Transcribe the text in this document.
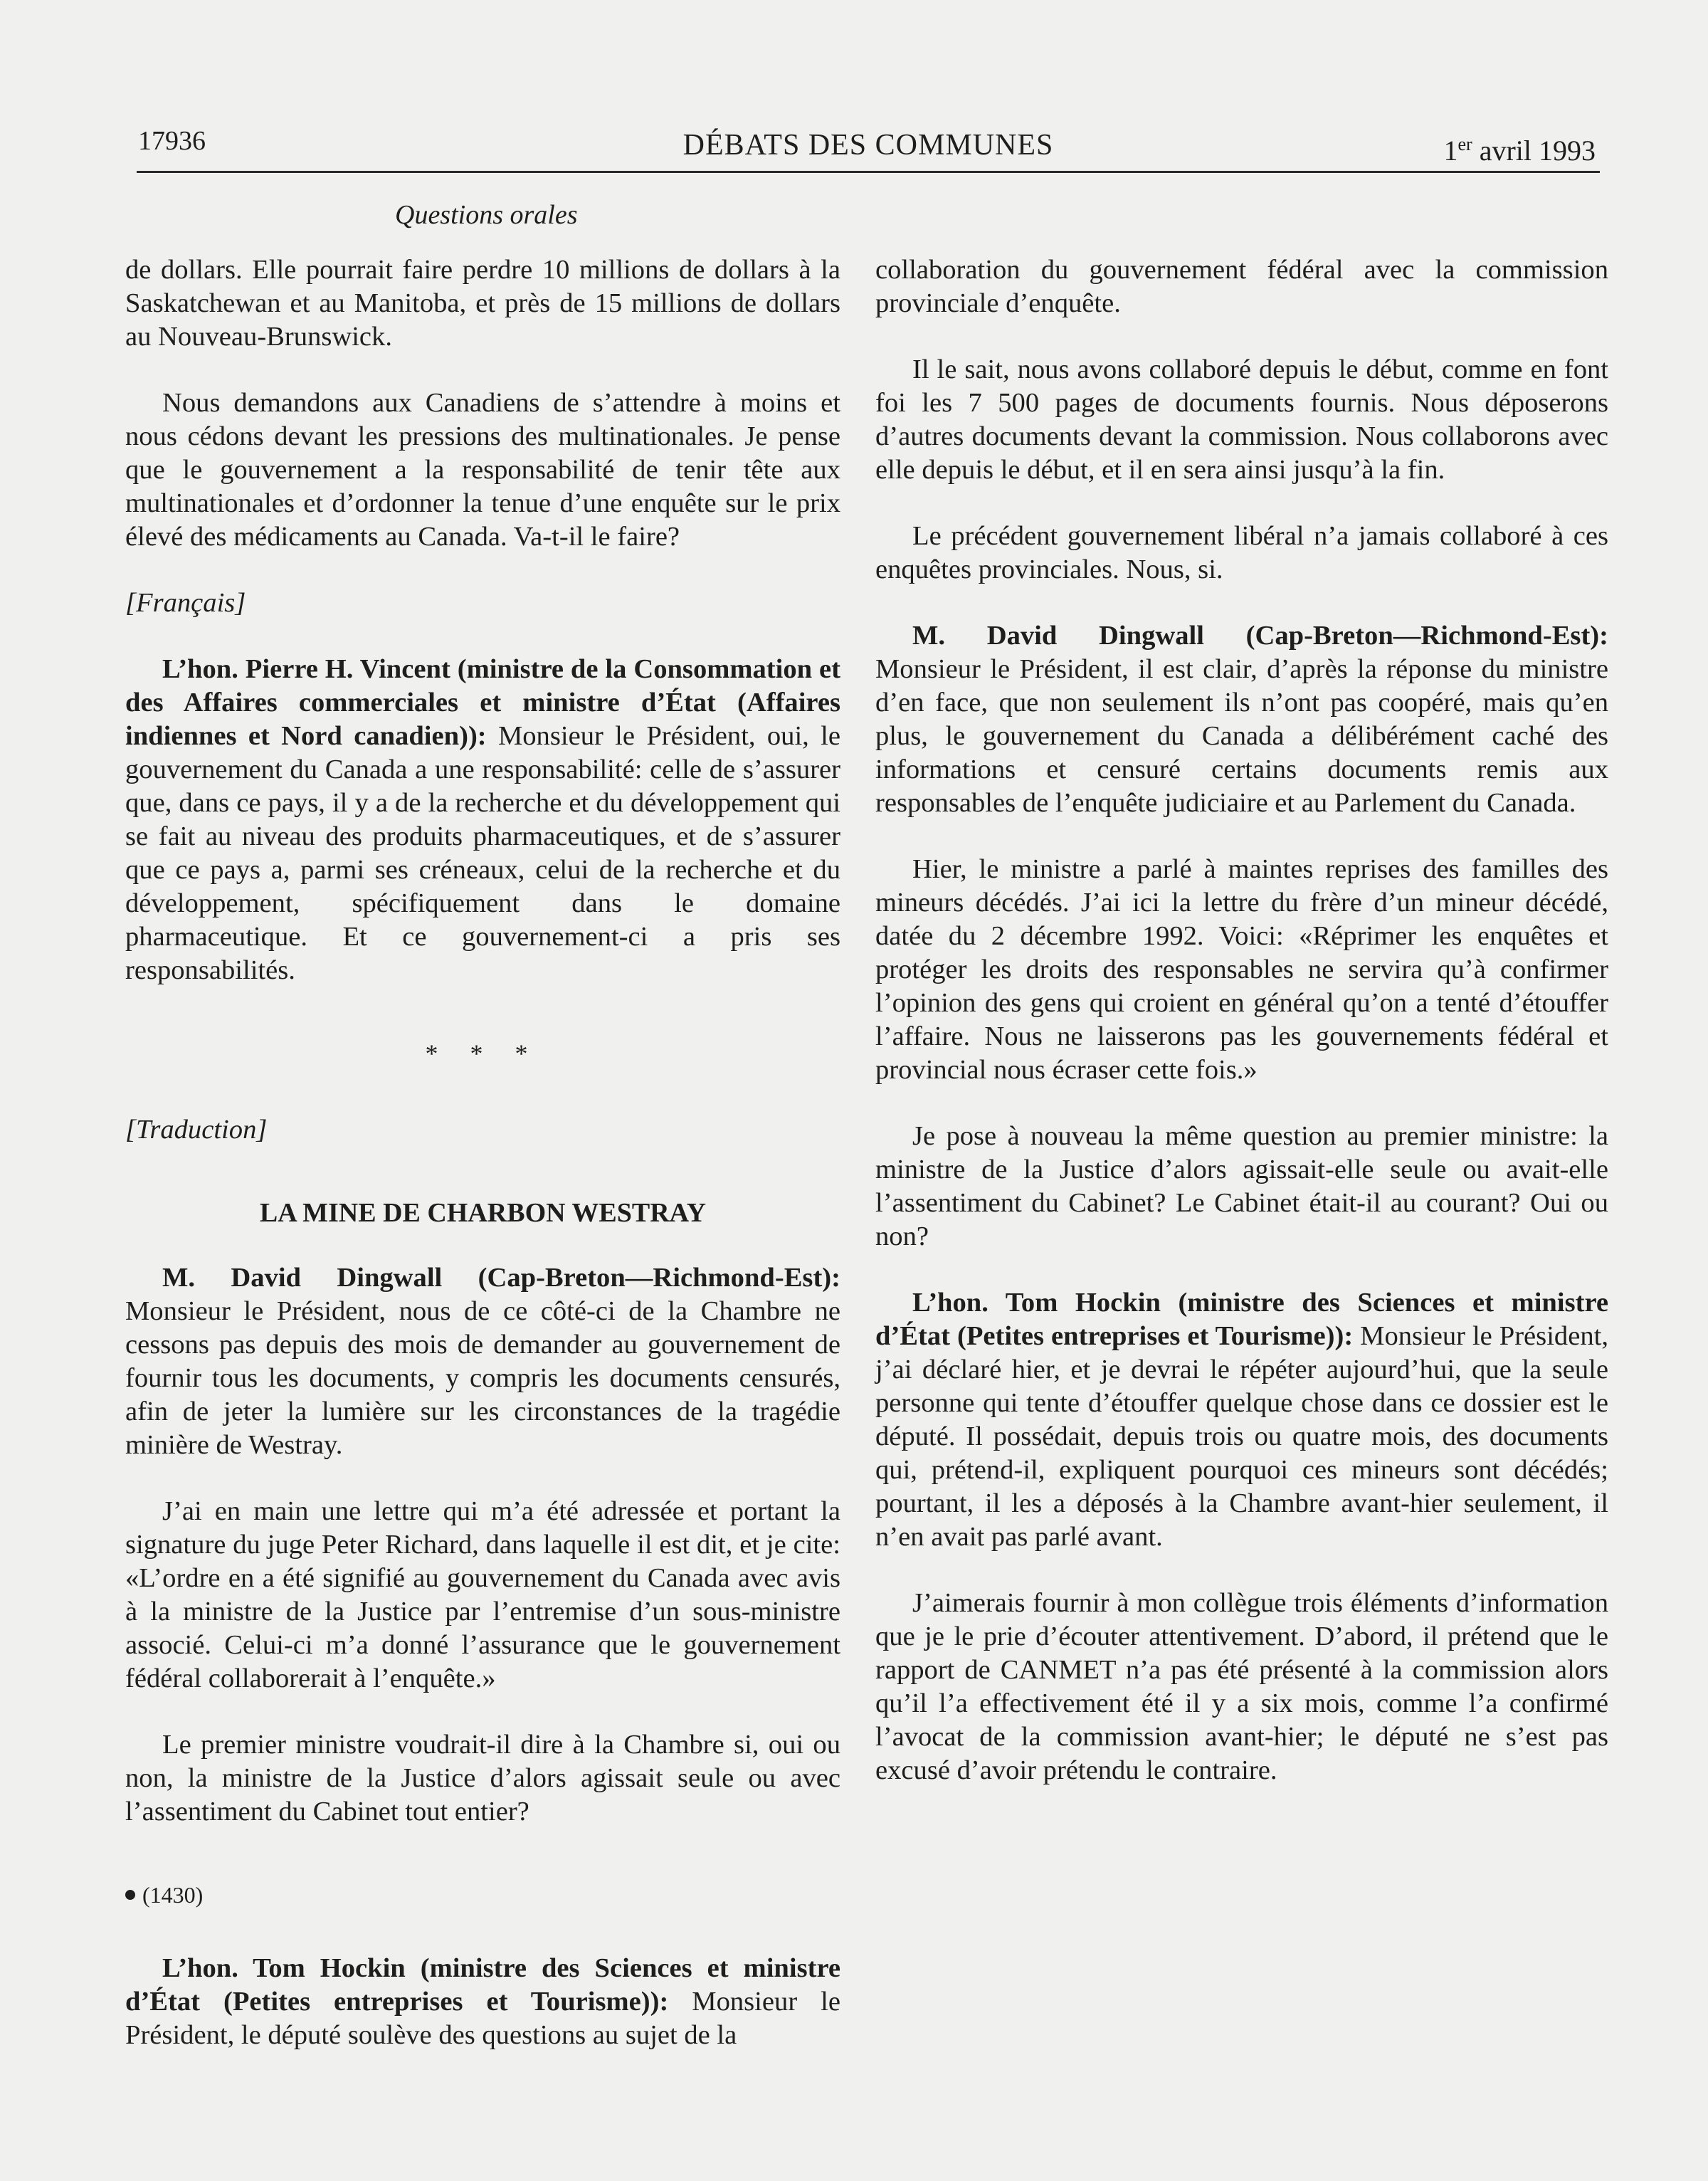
17936	DÉBATS DES COMMUNES	1er avril 1993
Questions orales

de dollars. Elle pourrait faire perdre 10 millions de dollars à la Saskatchewan et au Manitoba, et près de 15 millions de dollars au Nouveau-Brunswick.

Nous demandons aux Canadiens de s’attendre à moins et nous cédons devant les pressions des multinationales. Je pense que le gouvernement a la responsabilité de tenir tête aux multinationales et d’ordonner la tenue d’une enquête sur le prix élevé des médicaments au Canada. Va-t-il le faire?

[Français]

L’hon. Pierre H. Vincent (ministre de la Consommation et des Affaires commerciales et ministre d’État (Affaires indiennes et Nord canadien)): Monsieur le Président, oui, le gouvernement du Canada a une responsabilité: celle de s’assurer que, dans ce pays, il y a de la recherche et du développement qui se fait au niveau des produits pharmaceutiques, et de s’assurer que ce pays a, parmi ses créneaux, celui de la recherche et du développement, spécifiquement dans le domaine pharmaceutique. Et ce gouvernement-ci a pris ses responsabilités.

* * *

[Traduction]

LA MINE DE CHARBON WESTRAY

M. David Dingwall (Cap-Breton—Richmond-Est): Monsieur le Président, nous de ce côté-ci de la Chambre ne cessons pas depuis des mois de demander au gouvernement de fournir tous les documents, y compris les documents censurés, afin de jeter la lumière sur les circonstances de la tragédie minière de Westray.

J’ai en main une lettre qui m’a été adressée et portant la signature du juge Peter Richard, dans laquelle il est dit, et je cite: «L’ordre en a été signifié au gouvernement du Canada avec avis à la ministre de la Justice par l’entremise d’un sous-ministre associé. Celui-ci m’a donné l’assurance que le gouvernement fédéral collaborerait à l’enquête.»

Le premier ministre voudrait-il dire à la Chambre si, oui ou non, la ministre de la Justice d’alors agissait seule ou avec l’assentiment du Cabinet tout entier?

(1430)

L’hon. Tom Hockin (ministre des Sciences et ministre d’État (Petites entreprises et Tourisme)): Monsieur le Président, le député soulève des questions au sujet de la

collaboration du gouvernement fédéral avec la commission provinciale d’enquête.

Il le sait, nous avons collaboré depuis le début, comme en font foi les 7 500 pages de documents fournis. Nous déposerons d’autres documents devant la commission. Nous collaborons avec elle depuis le début, et il en sera ainsi jusqu’à la fin.

Le précédent gouvernement libéral n’a jamais collaboré à ces enquêtes provinciales. Nous, si.

M. David Dingwall (Cap-Breton—Richmond-Est): Monsieur le Président, il est clair, d’après la réponse du ministre d’en face, que non seulement ils n’ont pas coopéré, mais qu’en plus, le gouvernement du Canada a délibérément caché des informations et censuré certains documents remis aux responsables de l’enquête judiciaire et au Parlement du Canada.

Hier, le ministre a parlé à maintes reprises des familles des mineurs décédés. J’ai ici la lettre du frère d’un mineur décédé, datée du 2 décembre 1992. Voici: «Réprimer les enquêtes et protéger les droits des responsables ne servira qu’à confirmer l’opinion des gens qui croient en général qu’on a tenté d’étouffer l’affaire. Nous ne laisserons pas les gouvernements fédéral et provincial nous écraser cette fois.»

Je pose à nouveau la même question au premier ministre: la ministre de la Justice d’alors agissait-elle seule ou avait-elle l’assentiment du Cabinet? Le Cabinet était-il au courant? Oui ou non?

L’hon. Tom Hockin (ministre des Sciences et ministre d’État (Petites entreprises et Tourisme)): Monsieur le Président, j’ai déclaré hier, et je devrai le répéter aujourd’hui, que la seule personne qui tente d’étouffer quelque chose dans ce dossier est le député. Il possédait, depuis trois ou quatre mois, des documents qui, prétend-il, expliquent pourquoi ces mineurs sont décédés; pourtant, il les a déposés à la Chambre avant-hier seulement, il n’en avait pas parlé avant.

J’aimerais fournir à mon collègue trois éléments d’information que je le prie d’écouter attentivement. D’abord, il prétend que le rapport de CANMET n’a pas été présenté à la commission alors qu’il l’a effectivement été il y a six mois, comme l’a confirmé l’avocat de la commission avant-hier; le député ne s’est pas excusé d’avoir prétendu le contraire.
